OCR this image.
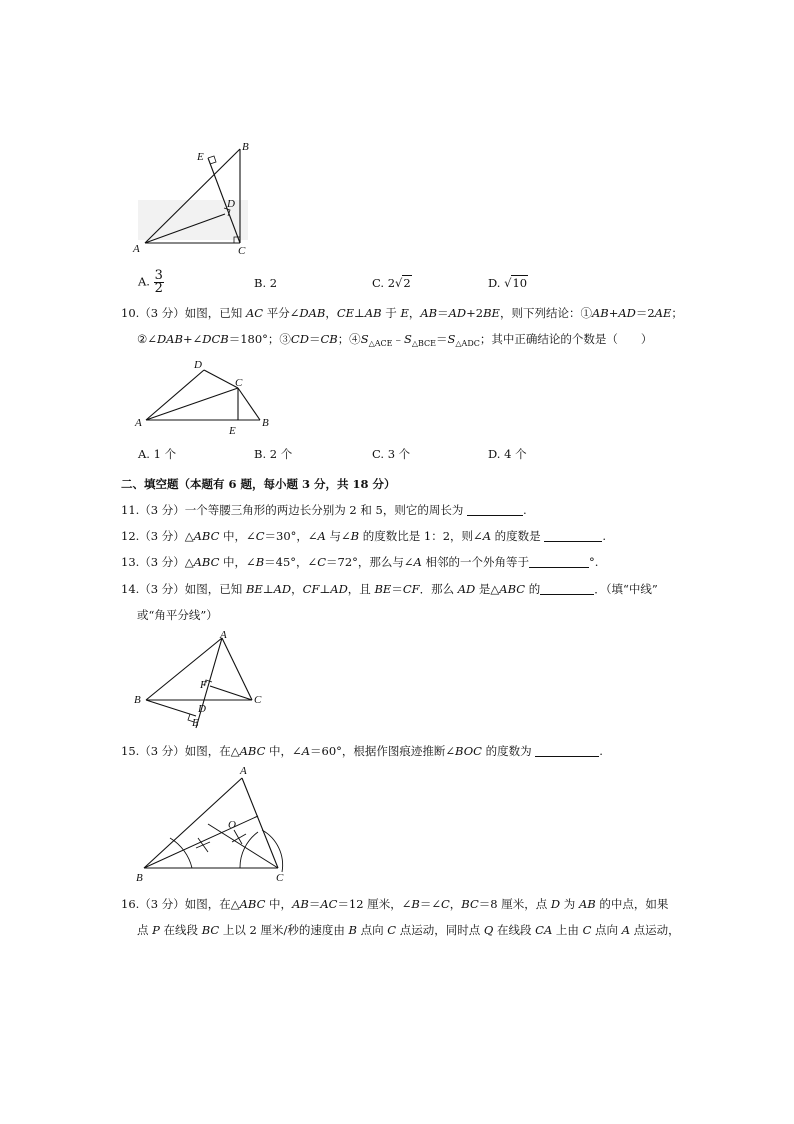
A
B
C
D
E
A. $\frac{3}{2}$	B. 2	C. 2√2	D. √10
10.（3 分）如图，已知 AC 平分∠DAB，CE⊥AB 于 E，AB＝AD+2BE，则下列结论：①AB+AD＝2AE；
②∠DAB+∠DCB＝180°；③CD＝CB；$④S_{\triangle ACE}﹣S_{\triangle BCE}=S_{\triangle ADC}$；其中正确结论的个数是（　　）
A	B
C
D
E
A. 1 个	B. 2 个	C. 3 个	D. 4 个
二、填空题（本题有 6 题，每小题 3 分，共 18 分）
11.（3 分）一个等腰三角形的两边长分别为 2 和 5，则它的周长为	.
12.（3 分）△ABC 中，∠C＝30°，∠A 与∠B 的度数比是 1：2，则∠A 的度数是	.
13.（3 分）△ABC 中，∠B＝45°，∠C＝72°，那么与∠A 相邻的一个外角等于	°.
14.（3 分）如图，已知 BE⊥AD，CF⊥AD，且 BE＝CF．那么 AD 是△ABC 的	．（填“中线”
或“角平分线”）
A
B	C
D
E
F
15.（3 分）如图，在△ABC 中，∠A＝60°，根据作图痕迹推断∠BOC 的度数为	.
A
B	C
O
16.（3 分）如图，在△ABC 中，AB＝AC＝12 厘米，∠B＝∠C，BC＝8 厘米，点 D 为 AB 的中点，如果
点 P 在线段 BC 上以 2 厘米/秒的速度由 B 点向 C 点运动，同时点 Q 在线段 CA 上由 C 点向 A 点运动，
